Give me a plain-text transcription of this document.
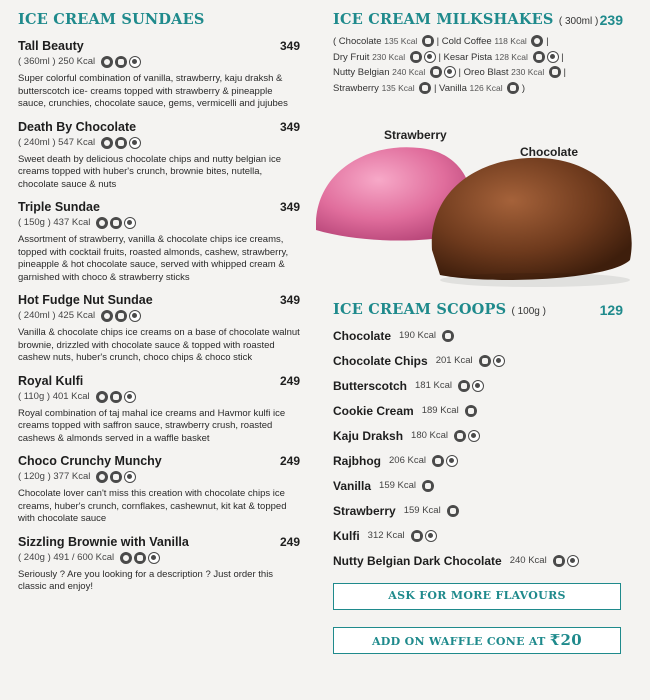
ICE CREAM SUNDAES
Tall Beauty	349
( 360ml )
250 Kcal
Super colorful combination of vanilla, strawberry, kaju draksh & butterscotch ice- creams topped with strawberry & pineapple sauce, crunchies, chocolate sauce, gems, vermicelli and jujubes
Death By Chocolate	349
( 240ml )
547 Kcal
Sweet death by delicious chocolate chips and nutty belgian ice creams topped with huber's crunch, brownie bites, nutella, chocolate sauce & nuts
Triple Sundae	349
( 150g )
437 Kcal
Assortment of strawberry, vanilla & chocolate chips ice creams, topped with cocktail fruits, roasted almonds, cashew, strawberry, pineapple & hot chocolate sauce, served with whipped cream & garnished with choco & strawberry sticks
Hot Fudge Nut Sundae	349
( 240ml )
425 Kcal
Vanilla & chocolate chips ice creams on a base of chocolate walnut brownie, drizzled with chocolate sauce & topped with roasted cashew nuts, huber's crunch, choco chips & choco stick
Royal Kulfi	249
( 110g )
401 Kcal
Royal combination of taj mahal ice creams and Havmor kulfi ice creams topped with saffron sauce, strawberry crush, roasted cashews & almonds served in a waffle basket
Choco Crunchy Munchy	249
( 120g )
377 Kcal
Chocolate lover can't miss this creation with chocolate chips ice creams, huber's crunch, cornflakes, cashewnut, kit kat & topped with chocolate sauce
Sizzling Brownie with Vanilla	249
( 240g )
491 / 600 Kcal
Seriously ? Are you looking for a description ? Just order this classic and enjoy!
ICE CREAM MILKSHAKES ( 300ml ) 239
( Chocolate 135 Kcal | Cold Coffee 118 Kcal
|
Dry Fruit 230 Kcal	| Kesar Pista 128 Kcal	|
Nutty Belgian 240 Kcal	| Oreo Blast 230 Kcal
|
Strawberry 135 Kcal | Vanilla 126 Kcal
)
Strawberry
Chocolate
ICE CREAM SCOOPS ( 100g )	129
Chocolate 190 Kcal
Chocolate Chips 201 Kcal
Butterscotch 181 Kcal
Cookie Cream 189 Kcal
Kaju Draksh 180 Kcal
Rajbhog 206 Kcal
Vanilla 159 Kcal
Strawberry 159 Kcal
Kulfi 312 Kcal
Nutty Belgian Dark Chocolate 240 Kcal
ASK FOR MORE FLAVOURS
ADD ON WAFFLE CONE AT ₹20
